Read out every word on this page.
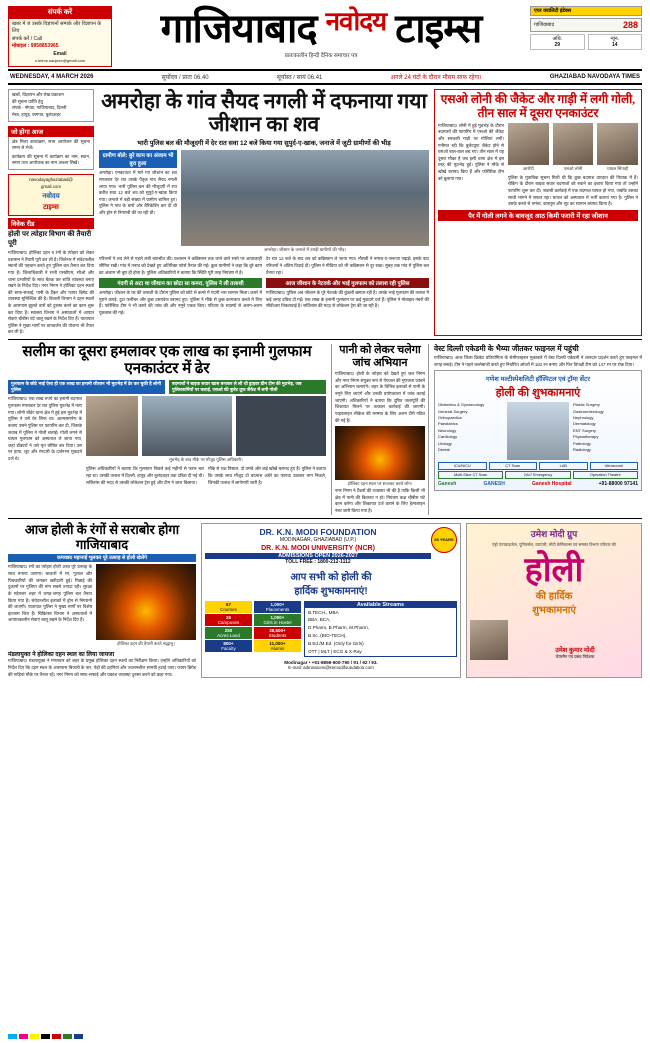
संपर्क करें
खबर में ज उसके विज्ञापनों सम्पर्क और विज्ञापन के लिए
संपर्क करें / Call
मोबाइल : 9958853965
Email
s.brims.nanjeev@gmail.com
गाजियाबाद $^{नवोदय}$ टाइम्स
प्रातःकालीन हिन्दी दैनिक समाचार पत्र
एयर क्वालिटी इंडेक्स
गाजियाबाद	288
अधि.
29
न्यून.
14
WEDNESDAY, 4 MARCH 2026	सूर्योदय / प्रातः 06.40	सूर्यास्त / सायं 06.41	अगले 24 घंटों के दौरान मौसम साफ रहेगा।	GHAZIABAD NAVODAYA TIMES
खबरें, विज्ञापन और लेख प्रकाशन
की सूचना प्राप्ति हेतु
संपर्क - नोएडा, गाजियाबाद, दिल्ली
मेरठ, हापुड़, बागपत, बुलंदशहर
जो होगा आज
क्षेत्र मिला काव्यक्रम, सभा आयोजन की सूचना समय से भेजें।
कार्यक्रम की सूचना में कार्यक्रम का नाम, स्थान, समय तथा आयोजक का नाम अवश्य लिखें।
navodayaghaziabad@
gmail.com
नवोदय
टाइम्स
विवेक रीड
होली पर त्योहार विभाग की तैयारी पूरी
गाजियाबाद। होलिका दहन व रंगों के त्योहार को लेकर प्रशासन ने तैयारी पूरी कर ली है। जिलेभर में संवेदनशील स्थानों की पहचान करते हुए पुलिस बल तैनात कर दिया गया है। जिलाधिकारी ने सभी एसडीएम, सीओ और थाना प्रभारियों के साथ बैठक कर शांति व्यवस्था बनाए रखने के निर्देश दिए। नगर निगम ने होलिका दहन स्थलों की साफ-सफाई, पानी के टैंकर और फायर ब्रिगेड की व्यवस्था सुनिश्चित की है। बिजली विभाग ने दहन स्थलों के आसपास झूलते तारों को दुरुस्त करने का काम शुरू कर दिया है। स्वास्थ्य विभाग ने अस्पतालों में आपात सेवाएं चौबीस घंटे चालू रखने के निर्देश दिए हैं। यातायात पुलिस ने मुख्य मार्गों पर डायवर्जन की योजना भी तैयार कर ली है।
अमरोहा के गांव सैयद नगली में दफनाया गया जीशान का शव
भारी पुलिस बल की मौजूदगी में देर रात सवा 12 बजे किया गया सुपुर्द-ए-खाक, जनाजे में जुटी ग्रामीणों की भीड़
ग्रामीण बोले: बुरे काम का अंजाम भी बुरा हुआ
अमरोहा। एनकाउंटर में मारे गए जीशान का शव मंगलवार देर रात उसके पैतृक गांव सैयद नगली लाया गया। भारी पुलिस बल की मौजूदगी में रात करीब सवा 12 बजे शव को सुपुर्द-ए-खाक किया गया। जनाजे में बड़ी संख्या में ग्रामीण शामिल हुए। पुलिस ने गांव के चारों ओर बैरिकेडिंग कर दी थी और ड्रोन से निगरानी की जा रही थी।
अमरोहा। जीशान के जनाजे में उमड़ी ग्रामीणों की भीड़।
परिजनों ने शव लेने से पहले लंबी बातचीत की। प्रशासन ने कब्रिस्तान तक जाने वाले रास्ते पर आवाजाही सीमित रखी। गांव में तनाव को देखते हुए अतिरिक्त फोर्स तैनात की गई। कुछ ग्रामीणों ने कहा कि बुरे काम का अंजाम भी बुरा ही होता है। पुलिस अधिकारियों ने बताया कि स्थिति पूरी तरह नियंत्रण में है।
देर रात 12 बजे के बाद शव को कब्रिस्तान ले जाया गया। मौलवी ने नमाज-ए-जनाजा पढ़ाई। इसके बाद परिजनों ने अंतिम विदाई दी। पुलिस ने मीडिया को भी कब्रिस्तान से दूर रखा। सुबह तक गांव में पुलिस बल तैनात रहा।
गंदगी से अटा था जीशान का छोटा सा कमरा, पुलिस ने ली तलाशी
अमरोहा। जीशान के घर की तलाशी के दौरान पुलिस को छोटे से कमरे में गंदगी भरा सामान मिला। कमरे में पुराने कपड़े, टूटा फर्नीचर और कुछ दस्तावेज बरामद हुए। पुलिस ने मौके से कुछ कागजात कब्जे में लिए हैं। फोरेंसिक टीम ने भी कमरे की जांच की और नमूने एकत्र किए। परिवार के सदस्यों से अलग-अलग पूछताछ की गई।
आज जीशान के नेटवर्क और भाई गुलफाम को तलाश रही पुलिस
गाजियाबाद। पुलिस अब जीशान के पूरे नेटवर्क की कुंडली खंगाल रही है। उसके भाई गुलफाम की तलाश में कई जगह दबिश दी गई। एक लाख के इनामी गुलफाम पर कई मुकदमे दर्ज हैं। पुलिस ने मोबाइल नंबरों की सीडीआर निकलवाई है। सर्विलांस की मदद से लोकेशन ट्रेस की जा रही है।
एसओ लोनी की जैकेट और गाड़ी में लगी गोली, तीन साल में दूसरा एनकाउंटर
गाजियाबाद। लोनी में हुई मुठभेड़ के दौरान बदमाशों की फायरिंग में एसओ की जैकेट और सरकारी गाड़ी पर गोलियां लगीं। गनीमत रही कि बुलेटप्रूफ जैकेट होने से एसओ बाल-बाल बच गए। तीन साल में यह दूसरा मौका है जब इसी थाना क्षेत्र में इस तरह की मुठभेड़ हुई। पुलिस ने मौके से खोखे बरामद किए हैं और फोरेंसिक टीम को बुलाया गया।
आरोपी	एसओ लोनी	घायल सिपाही
पुलिस के मुताबिक सूचना मिली थी कि कुछ बदमाश वारदात की फिराक में हैं। चेकिंग के दौरान बाइक सवार बदमाशों को रुकने का इशारा किया गया तो उन्होंने फायरिंग शुरू कर दी। जवाबी कार्रवाई में एक बदमाश घायल हो गया, जबकि उसका साथी भागने में सफल रहा। घायल को अस्पताल में भर्ती कराया गया है। पुलिस ने उसके कब्जे से तमंचा, कारतूस और लूट का सामान बरामद किया है।
पैर में गोली लगने के बावजूद आठ किमी फरारी में रहा जीशान
सलीम का दूसरा हमलावर एक लाख का इनामी गुलफाम एनकाउंटर में ढेर
गुलफाम के छोटे भाई ऐसा ही एक लाख का इनामी जीशान भी मुठभेड़ में ढेर कर चुकी है लोनी पुलिस
बदमाशों ने बाइक सवार खास बनाकर ले ली थी ड्राइवर डीम टीम की मुठभेड़, जब पुलिसकर्मियों पर चलाई, एसओ की बुलेट प्रूफ जैकेट में लगी गोली
गाजियाबाद। एक लाख रुपये का इनामी बदमाश गुलफाम मंगलवार देर रात पुलिस मुठभेड़ में मारा गया। लोनी बॉर्डर थाना क्षेत्र में हुई इस मुठभेड़ में पुलिस ने उसे घेर लिया था। आत्मसमर्पण के बजाय उसने पुलिस पर फायरिंग कर दी, जिसके जवाब में पुलिस ने गोली चलाई। गोली लगने से घायल गुलफाम को अस्पताल ले जाया गया, जहां डॉक्टरों ने उसे मृत घोषित कर दिया। उस पर हत्या, लूट और रंगदारी के दर्जनभर मुकदमे दर्ज थे।	मुठभेड़ के बाद मौके पर मौजूद पुलिस अधिकारी।
पुलिस अधिकारियों ने बताया कि गुलफाम पिछले कई महीनों से फरार चल रहा था। उसकी तलाश में दिल्ली, हापुड़ और बुलंदशहर तक दबिश दी गई थी। सर्विलांस की मदद से उसकी लोकेशन ट्रेस हुई और टीम ने जाल बिछाया।
मौके से एक पिस्टल, दो तमंचे और कई खोखे बरामद हुए हैं। पुलिस ने बताया कि उसके साथ मौजूद दो बदमाश अंधेरे का फायदा उठाकर भाग निकले, जिनकी तलाश में छापेमारी जारी है।
पानी को लेकर चलेगा जांच अभियान
गाजियाबाद। होली के त्योहार को देखते हुए जल निगम और नगर निगम संयुक्त रूप से पेयजल की गुणवत्ता जांचने का अभियान चलाएंगे। शहर के विभिन्न इलाकों से पानी के नमूने लिए जाएंगे और उनकी प्रयोगशाला में जांच कराई जाएगी। अधिकारियों ने बताया कि दूषित जलापूर्ति की शिकायत मिलने पर तत्काल कार्रवाई की जाएगी। पाइपलाइन लीकेज की मरम्मत के लिए अलग टीमें गठित की गई हैं।
होलिका दहन स्थल पर सजावट करते लोग।
नगर निगम ने टैंकरों की व्यवस्था भी की है ताकि किसी भी क्षेत्र में पानी की किल्लत न हो। नियंत्रण कक्ष चौबीस घंटे काम करेगा और शिकायत दर्ज कराने के लिए हेल्पलाइन नंबर जारी किया गया है।
वेस्ट दिल्ली एकेडमी के भैय्या जीतकर फाइनल में पहुंची
गाजियाबाद। अंतर जिला क्रिकेट प्रतियोगिता के सेमीफाइनल मुकाबले में वेस्ट दिल्ली एकेडमी ने शानदार प्रदर्शन करते हुए फाइनल में जगह बनाई। टीम ने पहले बल्लेबाजी करते हुए निर्धारित ओवरों में 182 रन बनाए और फिर विपक्षी टीम को 147 रन पर रोक दिया।
गणेश मल्टीस्पेशलिटी हॉस्पिटल एवं ट्रॉमा सेंटर
होली की शुभकामनाएं
Obstetrics & Gynaecology
General Surgery
Orthopaedics
Paediatrics
Neurology
Cardiology
Urology
Dental
Plastic Surgery
Gastroenterology
Nephrology
Dermatology
ENT Surgery
Physiotherapy
Pathology
Radiology
ICU/NICU	CT Scan	LAB	Ultrasound
Multi-Slice CT Scan	24x7 Emergency	Operation Theatre
Ganesh	GANESH	Ganesh Hospital	+91-88000 97141
आज होली के रंगों से सराबोर होगा गाजियाबाद
कमरछठ महानाई भूलकर पूरे उत्साह से होली खेलेंगे
गाजियाबाद। रंगों का त्योहार होली आज पूरे उत्साह के साथ मनाया जाएगा। बाजारों में रंग, गुलाल और पिचकारियों की जमकर खरीदारी हुई। मिठाई की दुकानों पर गुजिया की मांग सबसे ज्यादा रही। सुरक्षा के मद्देनजर शहर में जगह-जगह पुलिस बल तैनात किया गया है। संवेदनशील इलाकों में ड्रोन से निगरानी की जाएगी। यातायात पुलिस ने मुख्य मार्गों पर विशेष इंतजाम किए हैं। चिकित्सा विभाग ने अस्पतालों में आपातकालीन सेवाएं चालू रखने के निर्देश दिए हैं।
होलिका दहन की तैयारी करते श्रद्धालु।
मंडलायुक्त ने होलिका दहन स्थल का लिया जायजा
गाजियाबाद। मंडलायुक्त ने मंगलवार को शहर के प्रमुख होलिका दहन स्थलों का निरीक्षण किया। उन्होंने अधिकारियों को निर्देश दिए कि दहन स्थल के आसपास बिजली के तार, पेड़ों की टहनियां और ज्वलनशील सामग्री हटाई जाए। फायर ब्रिगेड की गाड़ियां मौके पर तैनात रहें। नगर निगम को साफ-सफाई और प्रकाश व्यवस्था दुरुस्त करने को कहा गया।
DR. K.N. MODI FOUNDATION
MODINAGAR, GHAZIABAD (U.P.)
DR. K.N. MODI UNIVERSITY (NCR)
ADMISSIONS OPEN 2026-2027
TOLL FREE : 1800-212-1112
85 YEARS
आप सभी को होली की
हार्दिक शुभकामनाएं!
67
Courses
1,000+
Placements
26
Campuses
1,000+
Girls in Hostel
250
Acres Land
38,500+
Students
800+
Faculty
11,000+
Alumni
Available Streams
B.TECH., MBA
BBA, BCA,
D.Pharm, B.Pharm, M.Pharm,
B.Sc. (BIO-TECH),
B.Ed./M.Ed. (Only for Girls)
OTT | MLT | ECG & X-Ray
Modinagar • +91-8859-500-790 / 91 / 92 / 93.
E-mail: admissions@knmodifoundation.com
उमेश मोदी ग्रुप
एंड्रो एंटरप्राइजेज, यूनिवर्सल, व्यापारी, मोदी केमिकल्स एवं समस्त विभाग परिवार की
होली
की हार्दिक
शुभकामनाएं
उमेश कुमार मोदी
चेयरमैन एवं प्रबंध निदेशक
